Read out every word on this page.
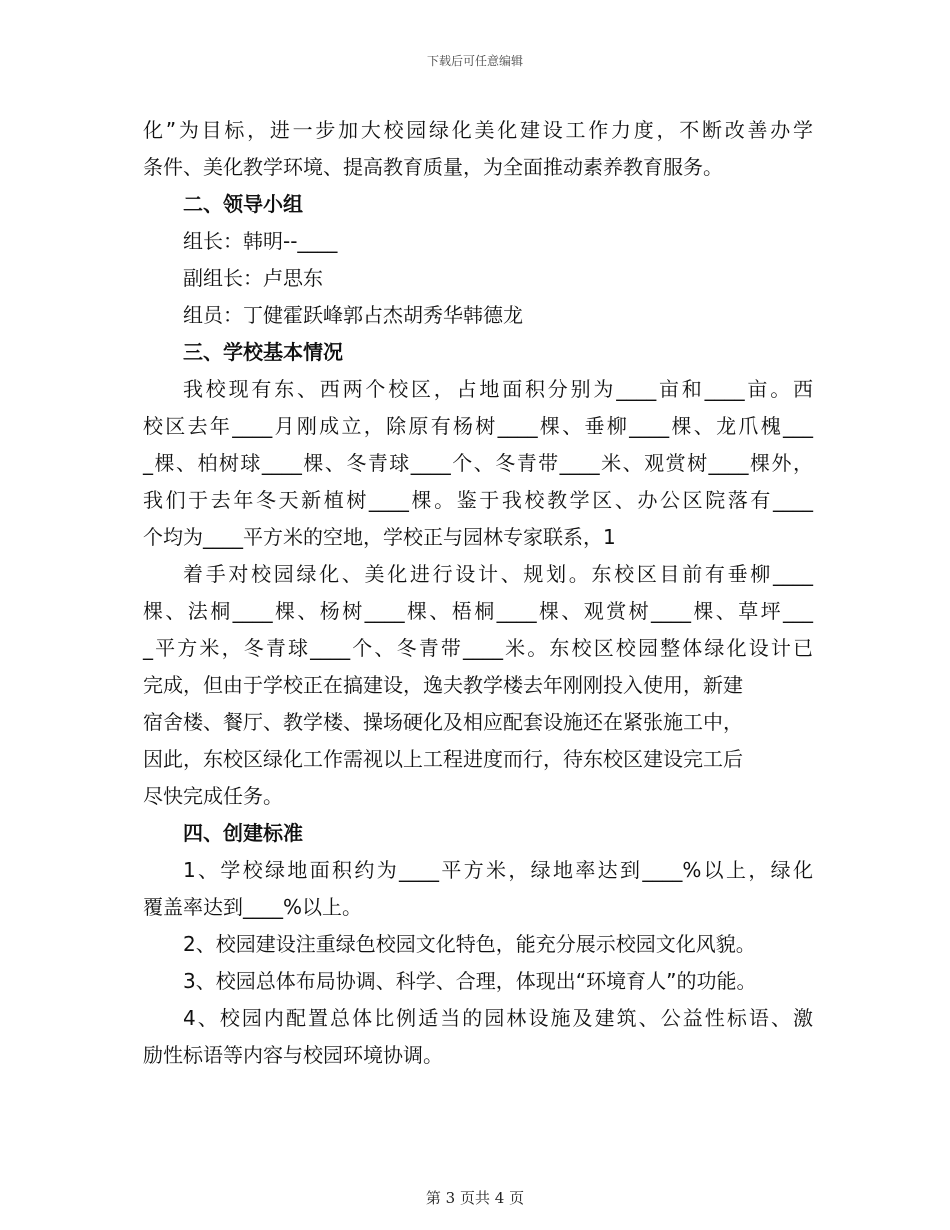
下载后可任意编辑
化”为目标，进一步加大校园绿化美化建设工作力度，不断改善办学
条件、美化教学环境、提高教育质量，为全面推动素养教育服务。
二、领导小组
组长：韩明--____
副组长：卢思东
组员：丁健霍跃峰郭占杰胡秀华韩德龙
三、学校基本情况
我校现有东、西两个校区，占地面积分别为____亩和____亩。西
校区去年____月刚成立，除原有杨树____棵、垂柳____棵、龙爪槐___
_棵、柏树球____棵、冬青球____个、冬青带____米、观赏树____棵外，
我们于去年冬天新植树____棵。鉴于我校教学区、办公区院落有____
个均为____平方米的空地，学校正与园林专家联系，1
着手对校园绿化、美化进行设计、规划。东校区目前有垂柳____
棵、法桐____棵、杨树____棵、梧桐____棵、观赏树____棵、草坪___
_平方米，冬青球____个、冬青带____米。东校区校园整体绿化设计已
完成，但由于学校正在搞建设，逸夫教学楼去年刚刚投入使用，新建
宿舍楼、餐厅、教学楼、操场硬化及相应配套设施还在紧张施工中，
因此，东校区绿化工作需视以上工程进度而行，待东校区建设完工后
尽快完成任务。
四、创建标准
1、学校绿地面积约为____平方米，绿地率达到____%以上，绿化
覆盖率达到____%以上。
2、校园建设注重绿色校园文化特色，能充分展示校园文化风貌。
3、校园总体布局协调、科学、合理，体现出“环境育人”的功能。
4、校园内配置总体比例适当的园林设施及建筑、公益性标语、激
励性标语等内容与校园环境协调。
第 3 页共 4 页
